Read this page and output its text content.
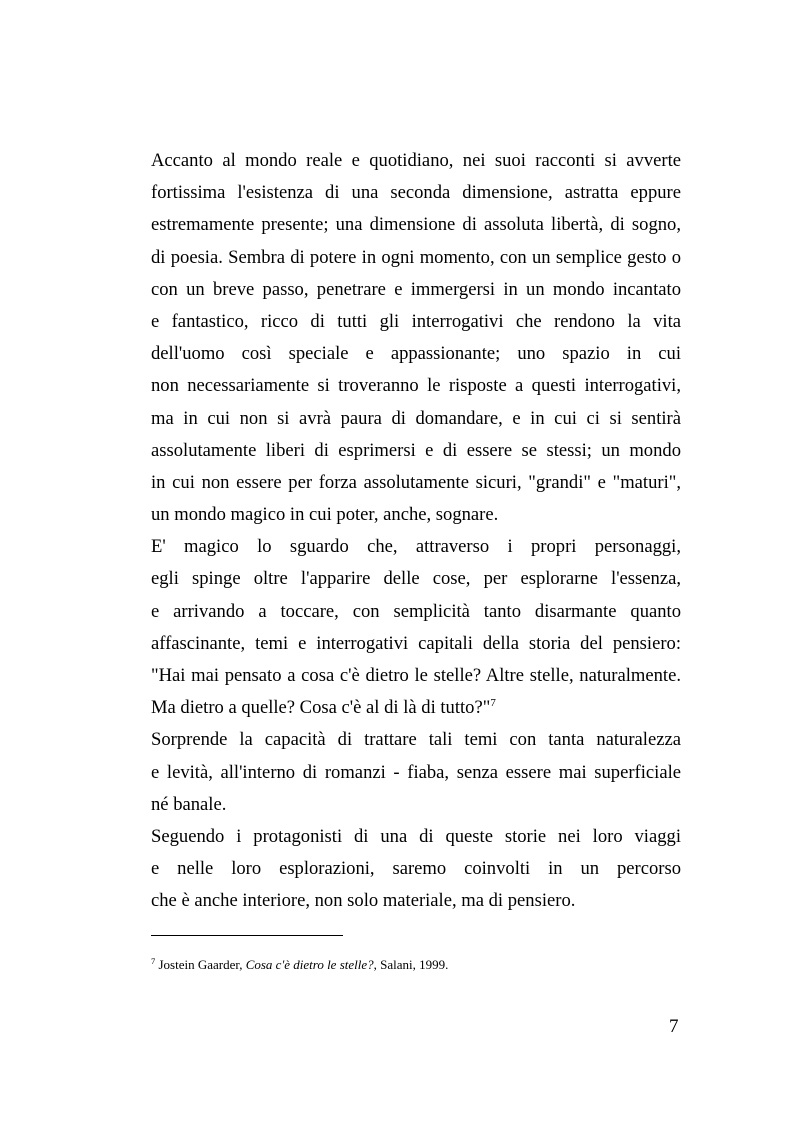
Accanto al mondo reale e quotidiano, nei suoi racconti si avverte
fortissima l'esistenza di una seconda dimensione, astratta eppure
estremamente presente; una dimensione di assoluta libertà, di sogno,
di poesia. Sembra di potere in ogni momento, con un semplice gesto o
con un breve passo, penetrare e immergersi in un mondo incantato
e fantastico, ricco di tutti gli interrogativi che rendono la vita
dell'uomo così speciale e appassionante; uno spazio in cui
non necessariamente si troveranno le risposte a questi interrogativi,
ma in cui non si avrà paura di domandare, e in cui ci si sentirà
assolutamente liberi di esprimersi e di essere se stessi; un mondo
in cui non essere per forza assolutamente sicuri, "grandi" e "maturi",
un mondo magico in cui poter, anche, sognare.
E' magico lo sguardo che, attraverso i propri personaggi,
egli spinge oltre l'apparire delle cose, per esplorarne l'essenza,
e arrivando a toccare, con semplicità tanto disarmante quanto
affascinante, temi e interrogativi capitali della storia del pensiero:
"Hai mai pensato a cosa c'è dietro le stelle? Altre stelle, naturalmente.
Ma dietro a quelle? Cosa c'è al di là di tutto?"$^7$
Sorprende la capacità di trattare tali temi con tanta naturalezza
e levità, all'interno di romanzi - fiaba, senza essere mai superficiale
né banale.
Seguendo i protagonisti di una di queste storie nei loro viaggi
e nelle loro esplorazioni, saremo coinvolti in un percorso
che è anche interiore, non solo materiale, ma di pensiero.
$^7$ Jostein Gaarder, Cosa c'è dietro le stelle?, Salani, 1999.
7
